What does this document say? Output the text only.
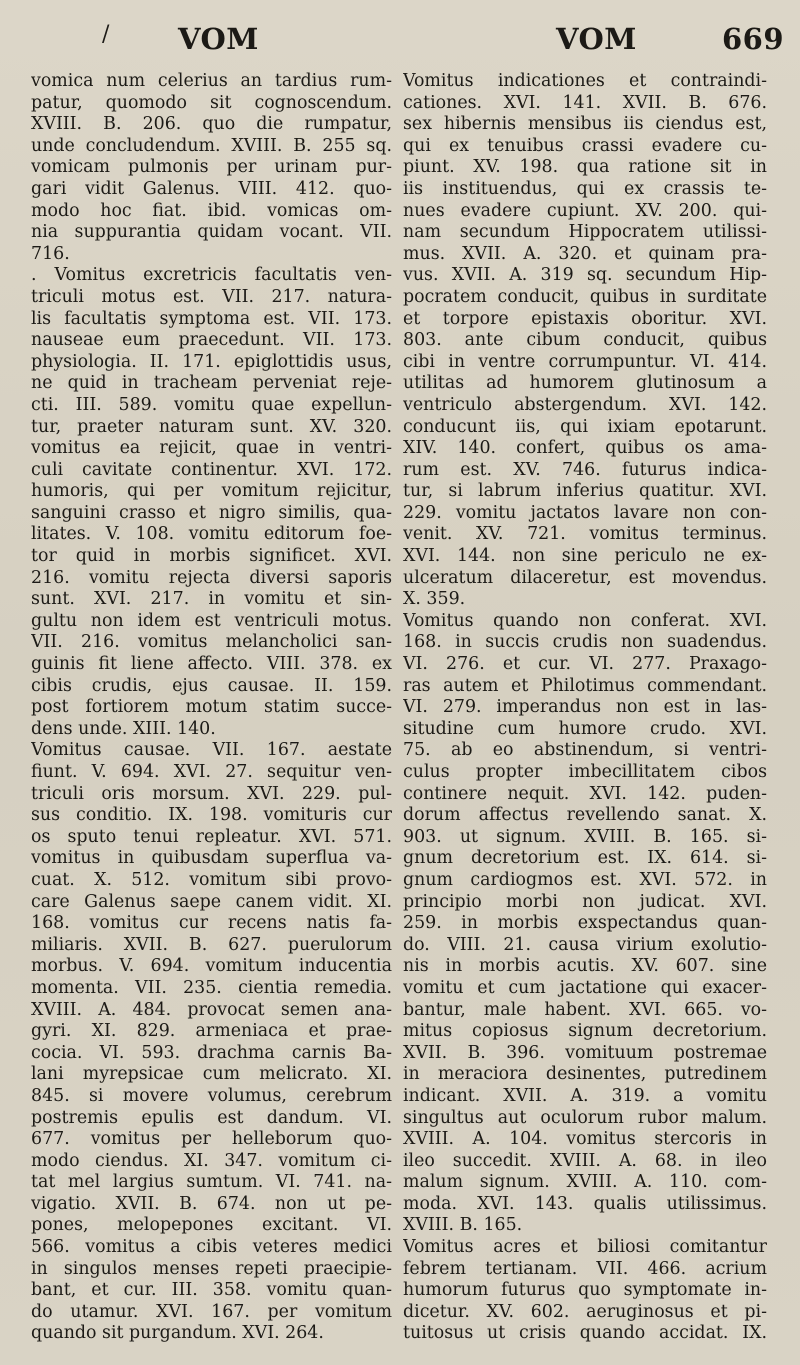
/ VOM	VOM	669
vomica num celerius an tardius rum-
patur, quomodo sit cognoscendum.
XVIII. B. 206. quo die rumpatur,
unde concludendum. XVIII. B. 255 sq.
vomicam pulmonis per urinam pur-
gari vidit Galenus. VIII. 412. quo-
modo hoc fiat. ibid. vomicas om-
nia suppurantia quidam vocant. VII.
716.
. Vomitus excretricis facultatis ven-
triculi motus est. VII. 217. natura-
lis facultatis symptoma est. VII. 173.
nauseae eum praecedunt. VII. 173.
physiologia. II. 171. epiglottidis usus,
ne quid in tracheam perveniat reje-
cti. III. 589. vomitu quae expellun-
tur, praeter naturam sunt. XV. 320.
vomitus ea rejicit, quae in ventri-
culi cavitate continentur. XVI. 172.
humoris, qui per vomitum rejicitur,
sanguini crasso et nigro similis, qua-
litates. V. 108. vomitu editorum foe-
tor quid in morbis significet. XVI.
216. vomitu rejecta diversi saporis
sunt. XVI. 217. in vomitu et sin-
gultu non idem est ventriculi motus.
VII. 216. vomitus melancholici san-
guinis fit liene affecto. VIII. 378. ex
cibis crudis, ejus causae. II. 159.
post fortiorem motum statim succe-
dens unde. XIII. 140.
Vomitus causae. VII. 167. aestate
fiunt. V. 694. XVI. 27. sequitur ven-
triculi oris morsum. XVI. 229. pul-
sus conditio. IX. 198. vomituris cur
os sputo tenui repleatur. XVI. 571.
vomitus in quibusdam superflua va-
cuat. X. 512. vomitum sibi provo-
care Galenus saepe canem vidit. XI.
168. vomitus cur recens natis fa-
miliaris. XVII. B. 627. puerulorum
morbus. V. 694. vomitum inducentia
momenta. VII. 235. cientia remedia.
XVIII. A. 484. provocat semen ana-
gyri. XI. 829. armeniaca et prae-
cocia. VI. 593. drachma carnis Ba-
lani myrepsicae cum melicrato. XI.
845. si movere volumus, cerebrum
postremis epulis est dandum. VI.
677. vomitus per helleborum quo-
modo ciendus. XI. 347. vomitum ci-
tat mel largius sumtum. VI. 741. na-
vigatio. XVII. B. 674. non ut pe-
pones, melopepones excitant. VI.
566. vomitus a cibis veteres medici
in singulos menses repeti praecipie-
bant, et cur. III. 358. vomitu quan-
do utamur. XVI. 167. per vomitum
quando sit purgandum. XVI. 264.
Vomitus indicationes et contraindi-
cationes. XVI. 141. XVII. B. 676.
sex hibernis mensibus iis ciendus est,
qui ex tenuibus crassi evadere cu-
piunt. XV. 198. qua ratione sit in
iis instituendus, qui ex crassis te-
nues evadere cupiunt. XV. 200. qui-
nam secundum Hippocratem utilissi-
mus. XVII. A. 320. et quinam pra-
vus. XVII. A. 319 sq. secundum Hip-
pocratem conducit, quibus in surditate
et torpore epistaxis oboritur. XVI.
803. ante cibum conducit, quibus
cibi in ventre corrumpuntur. VI. 414.
utilitas ad humorem glutinosum a
ventriculo abstergendum. XVI. 142.
conducunt iis, qui ixiam epotarunt.
XIV. 140. confert, quibus os ama-
rum est. XV. 746. futurus indica-
tur, si labrum inferius quatitur. XVI.
229. vomitu jactatos lavare non con-
venit. XV. 721. vomitus terminus.
XVI. 144. non sine periculo ne ex-
ulceratum dilaceretur, est movendus.
X. 359.
Vomitus quando non conferat. XVI.
168. in succis crudis non suadendus.
VI. 276. et cur. VI. 277. Praxago-
ras autem et Philotimus commendant.
VI. 279. imperandus non est in las-
situdine cum humore crudo. XVI.
75. ab eo abstinendum, si ventri-
culus propter imbecillitatem cibos
continere nequit. XVI. 142. puden-
dorum affectus revellendo sanat. X.
903. ut signum. XVIII. B. 165. si-
gnum decretorium est. IX. 614. si-
gnum cardiogmos est. XVI. 572. in
principio morbi non judicat. XVI.
259. in morbis exspectandus quan-
do. VIII. 21. causa virium exolutio-
nis in morbis acutis. XV. 607. sine
vomitu et cum jactatione qui exacer-
bantur, male habent. XVI. 665. vo-
mitus copiosus signum decretorium.
XVII. B. 396. vomituum postremae
in meraciora desinentes, putredinem
indicant. XVII. A. 319. a vomitu
singultus aut oculorum rubor malum.
XVIII. A. 104. vomitus stercoris in
ileo succedit. XVIII. A. 68. in ileo
malum signum. XVIII. A. 110. com-
moda. XVI. 143. qualis utilissimus.
XVIII. B. 165.
Vomitus acres et biliosi comitantur
febrem tertianam. VII. 466. acrium
humorum futurus quo symptomate in-
dicetur. XV. 602. aeruginosus et pi-
tuitosus ut crisis quando accidat. IX.
